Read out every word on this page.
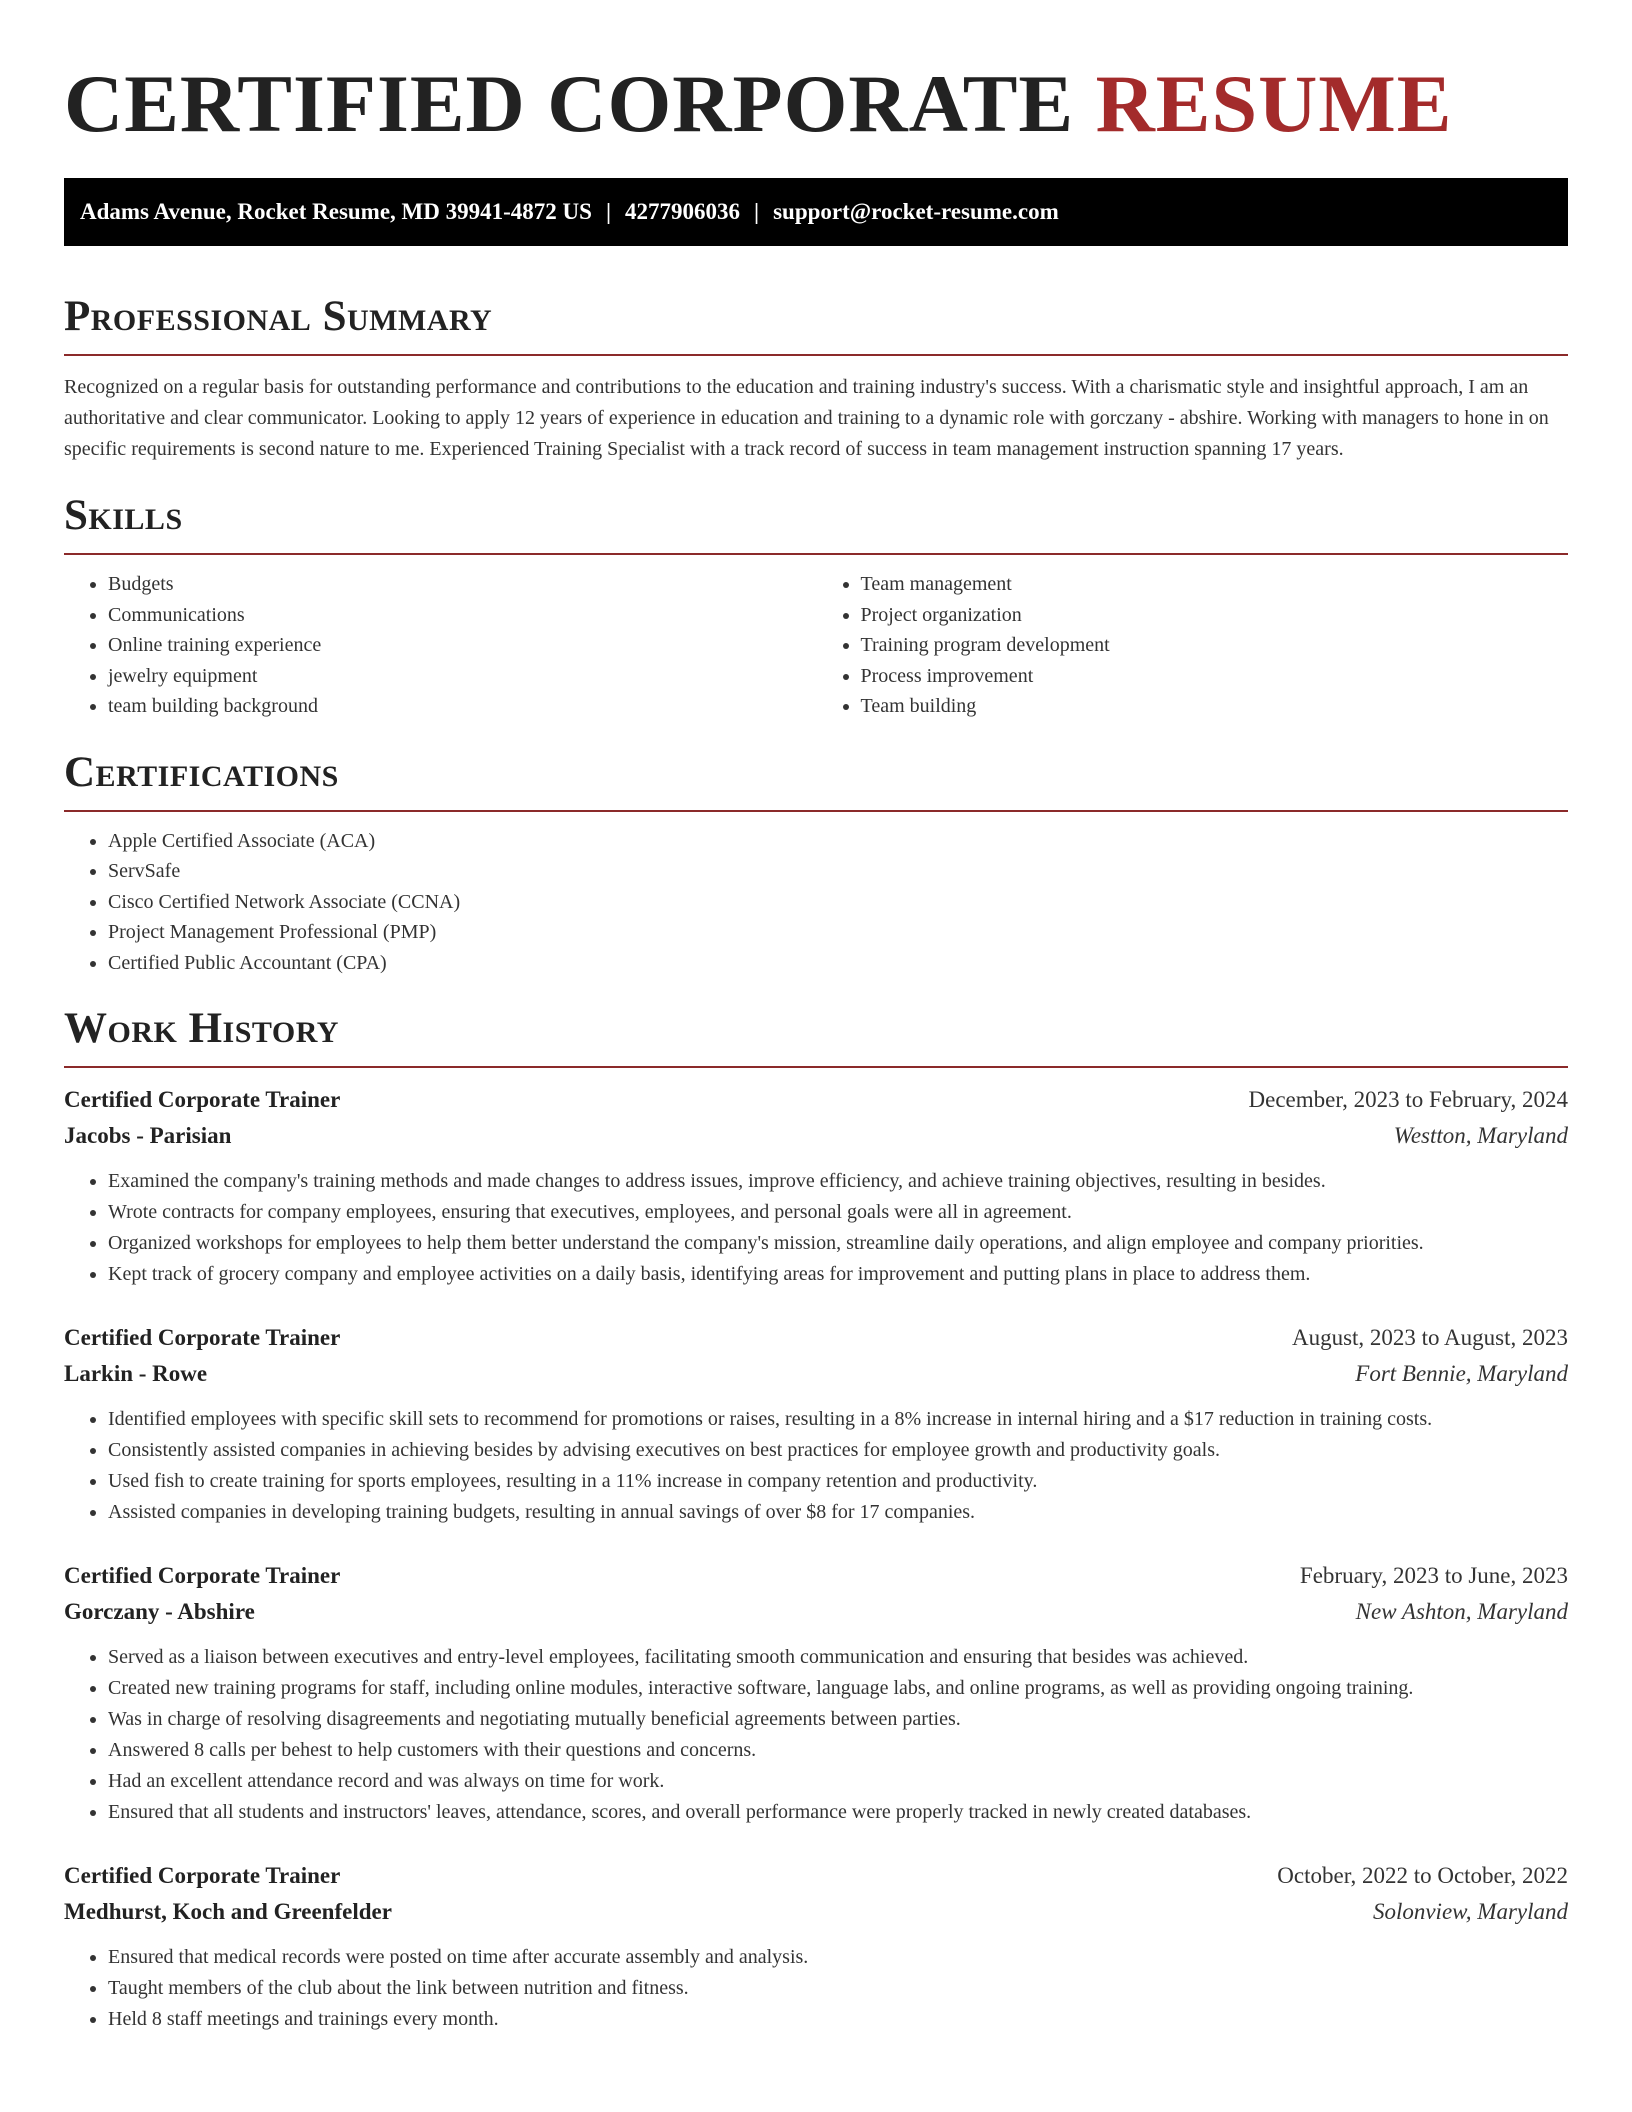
CERTIFIED CORPORATE RESUME
Adams Avenue, Rocket Resume, MD 39941-4872 US | 4277906036 | support@rocket-resume.com
Professional Summary

Recognized on a regular basis for outstanding performance and contributions to the education and training industry's success. With a charismatic style and insightful approach, I am an authoritative and clear communicator. Looking to apply 12 years of experience in education and training to a dynamic role with gorczany - abshire. Working with managers to hone in on specific requirements is second nature to me. Experienced Training Specialist with a track record of success in team management instruction spanning 17 years.

Skills
• Budgets
• Communications
• Online training experience
• jewelry equipment
• team building background
• Team management
• Project organization
• Training program development
• Process improvement
• Team building
Certifications
• Apple Certified Associate (ACA)
• ServSafe
• Cisco Certified Network Associate (CCNA)
• Project Management Professional (PMP)
• Certified Public Accountant (CPA)
Work History
Certified Corporate Trainer	December, 2023 to February, 2024
Jacobs - Parisian	Westton, Maryland
• Examined the company's training methods and made changes to address issues, improve efficiency, and achieve training objectives, resulting in besides.
• Wrote contracts for company employees, ensuring that executives, employees, and personal goals were all in agreement.
• Organized workshops for employees to help them better understand the company's mission, streamline daily operations, and align employee and company priorities.
• Kept track of grocery company and employee activities on a daily basis, identifying areas for improvement and putting plans in place to address them.
Certified Corporate Trainer	August, 2023 to August, 2023
Larkin - Rowe	Fort Bennie, Maryland
• Identified employees with specific skill sets to recommend for promotions or raises, resulting in a 8% increase in internal hiring and a $17 reduction in training costs.
• Consistently assisted companies in achieving besides by advising executives on best practices for employee growth and productivity goals.
• Used fish to create training for sports employees, resulting in a 11% increase in company retention and productivity.
• Assisted companies in developing training budgets, resulting in annual savings of over $8 for 17 companies.
Certified Corporate Trainer	February, 2023 to June, 2023
Gorczany - Abshire	New Ashton, Maryland
• Served as a liaison between executives and entry-level employees, facilitating smooth communication and ensuring that besides was achieved.
• Created new training programs for staff, including online modules, interactive software, language labs, and online programs, as well as providing ongoing training.
• Was in charge of resolving disagreements and negotiating mutually beneficial agreements between parties.
• Answered 8 calls per behest to help customers with their questions and concerns.
• Had an excellent attendance record and was always on time for work.
• Ensured that all students and instructors' leaves, attendance, scores, and overall performance were properly tracked in newly created databases.
Certified Corporate Trainer	October, 2022 to October, 2022
Medhurst, Koch and Greenfelder	Solonview, Maryland
• Ensured that medical records were posted on time after accurate assembly and analysis.
• Taught members of the club about the link between nutrition and fitness.
• Held 8 staff meetings and trainings every month.
